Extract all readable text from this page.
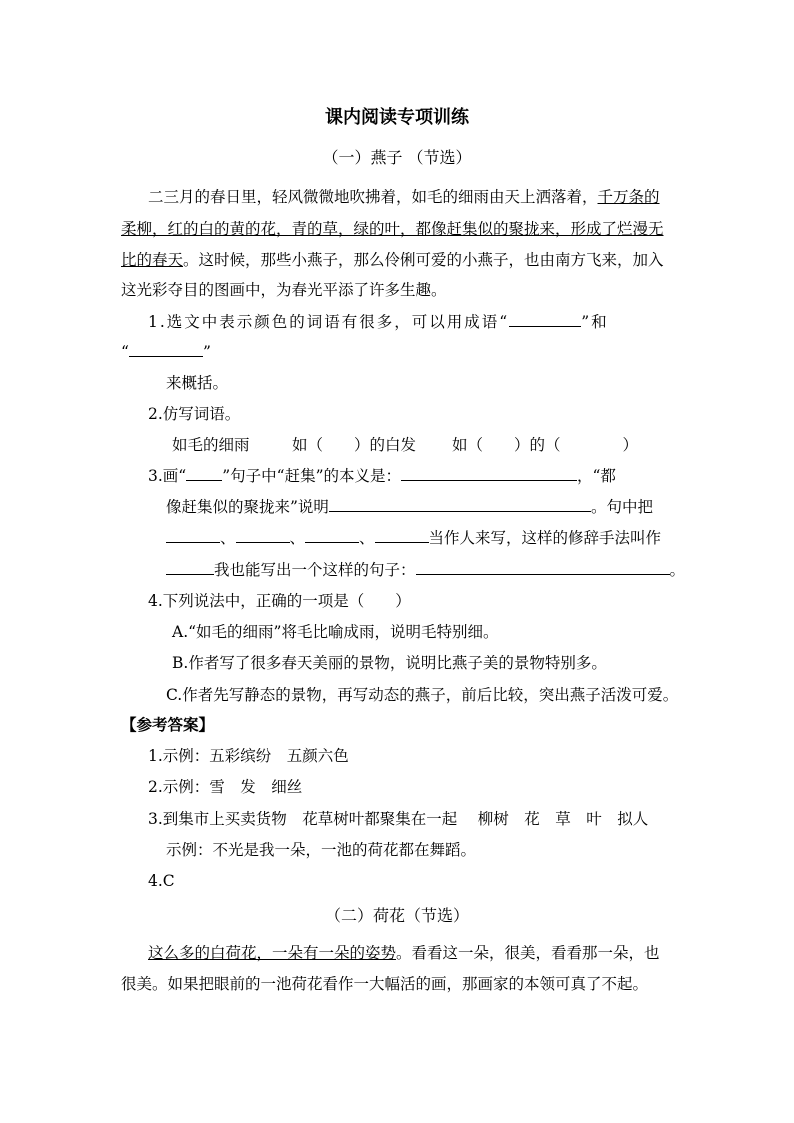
课内阅读专项训练
（一）燕子 （节选）
二三月的春日里，轻风微微地吹拂着，如毛的细雨由天上洒落着，千万条的
柔柳，红的白的黄的花，青的草，绿的叶，都像赶集似的聚拢来，形成了烂漫无
比的春天。这时候，那些小燕子，那么伶俐可爱的小燕子，也由南方飞来，加入
这光彩夺目的图画中，为春光平添了许多生趣。
1.选文中表示颜色的词语有很多，可以用成语“	”和
“	”
来概括。
2.仿写词语。
如毛的细雨	如（　　）的白发 如（　　）的（　　　　）
3.画“ ”句子中“赶集”的本义是：	，“都
像赶集似的聚拢来”说明	。句中把
、	、	、	当作人来写，这样的修辞手法叫作
我也能写出一个这样的句子：	。
4.下列说法中，正确的一项是（　　）
A.“如毛的细雨”将毛比喻成雨，说明毛特别细。
B.作者写了很多春天美丽的景物，说明比燕子美的景物特别多。
C.作者先写静态的景物，再写动态的燕子，前后比较，突出燕子活泼可爱。
【参考答案】
1.示例：五彩缤纷　五颜六色
2.示例：雪　发　细丝
3.到集市上买卖货物　花草树叶都聚集在一起　 柳树　花　草　叶　拟人
示例：不光是我一朵，一池的荷花都在舞蹈。
4.C
（二）荷花（节选）
这么多的白荷花，一朵有一朵的姿势。看看这一朵，很美，看看那一朵，也
很美。如果把眼前的一池荷花看作一大幅活的画，那画家的本领可真了不起。
